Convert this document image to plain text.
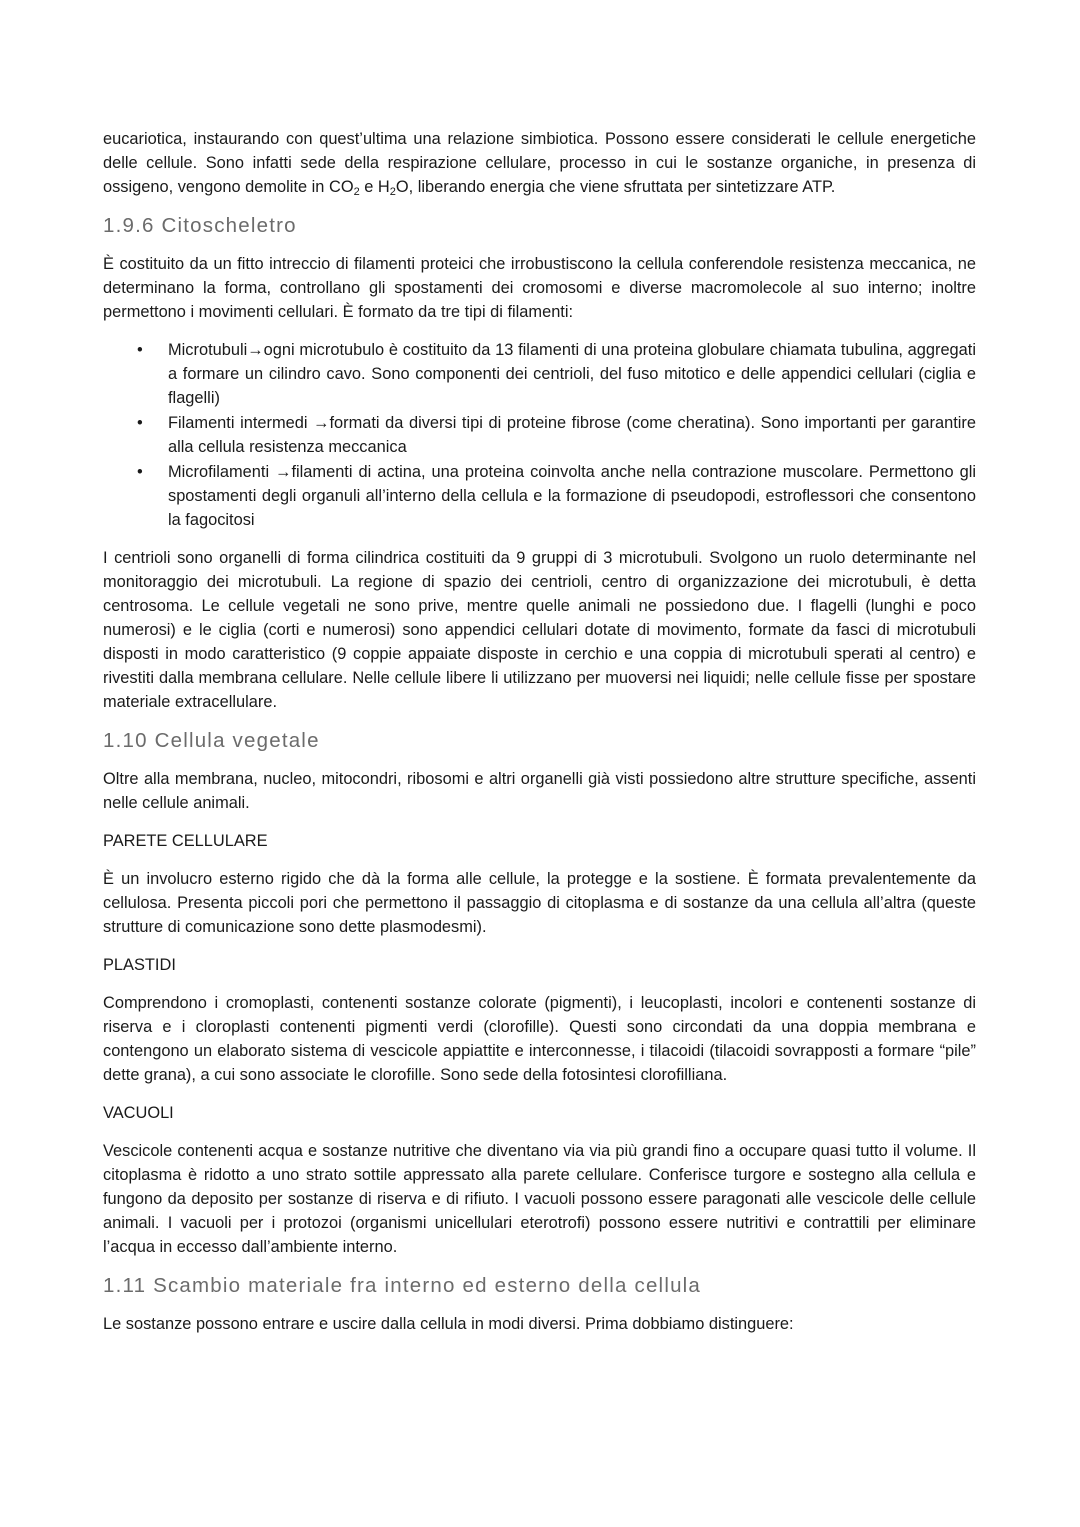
eucariotica, instaurando con quest’ultima una relazione simbiotica. Possono essere considerati le cellule energetiche delle cellule. Sono infatti sede della respirazione cellulare, processo in cui le sostanze organiche, in presenza di ossigeno, vengono demolite in $CO_2$ e $H_2O$, liberando energia che viene sfruttata per sintetizzare ATP.

1.9.6 Citoscheletro

È costituito da un fitto intreccio di filamenti proteici che irrobustiscono la cellula conferendole resistenza meccanica, ne determinano la forma, controllano gli spostamenti dei cromosomi e diverse macromolecole al suo interno; inoltre permettono i movimenti cellulari. È formato da tre tipi di filamenti:

• Microtubuli→ogni microtubulo è costituito da 13 filamenti di una proteina globulare chiamata tubulina, aggregati a formare un cilindro cavo. Sono componenti dei centrioli, del fuso mitotico e delle appendici cellulari (ciglia e flagelli)
• Filamenti intermedi →formati da diversi tipi di proteine fibrose (come cheratina). Sono importanti per garantire alla cellula resistenza meccanica
• Microfilamenti →filamenti di actina, una proteina coinvolta anche nella contrazione muscolare. Permettono gli spostamenti degli organuli all’interno della cellula e la formazione di pseudopodi, estroflessori che consentono la fagocitosi

I centrioli sono organelli di forma cilindrica costituiti da 9 gruppi di 3 microtubuli. Svolgono un ruolo determinante nel monitoraggio dei microtubuli. La regione di spazio dei centrioli, centro di organizzazione dei microtubuli, è detta centrosoma. Le cellule vegetali ne sono prive, mentre quelle animali ne possiedono due. I flagelli (lunghi e poco numerosi) e le ciglia (corti e numerosi) sono appendici cellulari dotate di movimento, formate da fasci di microtubuli disposti in modo caratteristico (9 coppie appaiate disposte in cerchio e una coppia di microtubuli sperati al centro) e rivestiti dalla membrana cellulare. Nelle cellule libere li utilizzano per muoversi nei liquidi; nelle cellule fisse per spostare materiale extracellulare.

1.10 Cellula vegetale

Oltre alla membrana, nucleo, mitocondri, ribosomi e altri organelli già visti possiedono altre strutture specifiche, assenti nelle cellule animali.

PARETE CELLULARE

È un involucro esterno rigido che dà la forma alle cellule, la protegge e la sostiene. È formata prevalentemente da cellulosa. Presenta piccoli pori che permettono il passaggio di citoplasma e di sostanze da una cellula all’altra (queste strutture di comunicazione sono dette plasmodesmi).

PLASTIDI

Comprendono i cromoplasti, contenenti sostanze colorate (pigmenti), i leucoplasti, incolori e contenenti sostanze di riserva e i cloroplasti contenenti pigmenti verdi (clorofille). Questi sono circondati da una doppia membrana e contengono un elaborato sistema di vescicole appiattite e interconnesse, i tilacoidi (tilacoidi sovrapposti a formare “pile” dette grana), a cui sono associate le clorofille. Sono sede della fotosintesi clorofilliana.

VACUOLI

Vescicole contenenti acqua e sostanze nutritive che diventano via via più grandi fino a occupare quasi tutto il volume. Il citoplasma è ridotto a uno strato sottile appressato alla parete cellulare. Conferisce turgore e sostegno alla cellula e fungono da deposito per sostanze di riserva e di rifiuto. I vacuoli possono essere paragonati alle vescicole delle cellule animali. I vacuoli per i protozoi (organismi unicellulari eterotrofi) possono essere nutritivi e contrattili per eliminare l’acqua in eccesso dall’ambiente interno.

1.11 Scambio materiale fra interno ed esterno della cellula

Le sostanze possono entrare e uscire dalla cellula in modi diversi. Prima dobbiamo distinguere:
